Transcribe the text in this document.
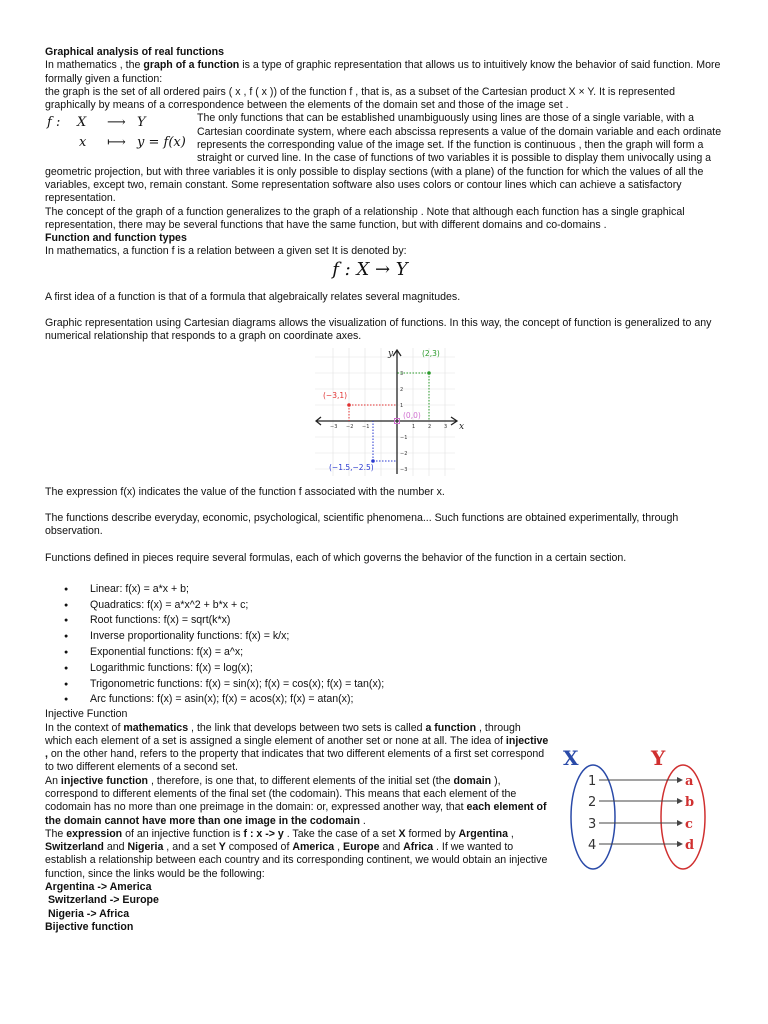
Graphical analysis of real functions

In mathematics , the graph of a function is a type of graphic representation that allows us to intuitively know the behavior of said function. More formally given a function:

the graph is the set of all ordered pairs ( x , f ( x )) of the function f , that is, as a subset of the Cartesian product X × Y. It is represented graphically by means of a correspondence between the elements of the domain set and those of the image set .

f : X ⟶ Y
x ⟼ y = f(x)

The only functions that can be established unambiguously using lines are those of a single variable, with a Cartesian coordinate system, where each abscissa represents a value of the domain variable and each ordinate represents the corresponding value of the image set. If the function is continuous , then the graph will form a straight or curved line. In the case of functions of two variables it is possible to display them univocally using a geometric projection, but with three variables it is only possible to display sections (with a plane) of the function for which the values of all the variables, except two, remain constant. Some representation software also uses colors or contour lines which can achieve a satisfactory representation.

The concept of the graph of a function generalizes to the graph of a relationship . Note that although each function has a single graphical representation, there may be several functions that have the same function, but with different domains and co-domains .

Function and function types

In mathematics, a function f is a relation between a given set It is denoted by:

f : X → Y

A first idea of a function is that of a formula that algebraically relates several magnitudes.

Graphic representation using Cartesian diagrams allows the visualization of functions. In this way, the concept of function is generalized to any numerical relationship that responds to a graph on coordinate axes.

−3 −2 −1	1	2	3
1
2
3
−1
−2
−3
y
x
(0,0)
(2,3)
(−3,1)
(−1.5,−2.5)

The expression f(x) indicates the value of the function f associated with the number x.

The functions describe everyday, economic, psychological, scientific phenomena... Such functions are obtained experimentally, through observation.

Functions defined in pieces require several formulas, each of which governs the behavior of the function in a certain section.

● Linear: f(x) = a*x + b;
● Quadratics: f(x) = a*x^2 + b*x + c;
● Root functions: f(x) = sqrt(k*x)
● Inverse proportionality functions: f(x) = k/x;
● Exponential functions: f(x) = a^x;
● Logarithmic functions: f(x) = log(x);
● Trigonometric functions: f(x) = sin(x); f(x) = cos(x); f(x) = tan(x);
● Arc functions: f(x) = asin(x); f(x) = acos(x); f(x) = atan(x);

Injective Function

In the context of mathematics , the link that develops between two sets is called a function , through which each element of a set is assigned a single element of another set or none at all. The idea of injective , on the other hand, refers to the property that indicates that two different elements of a first set correspond to two different elements of a second set.

An injective function , therefore, is one that, to different elements of the initial set (the domain ), correspond to different elements of the final set (the codomain). This means that each element of the codomain has no more than one preimage in the domain: or, expressed another way, that each element of the domain cannot have more than one image in the codomain .

The expression of an injective function is f : x -> y . Take the case of a set X formed by Argentina , Switzerland and Nigeria , and a set Y composed of America , Europe and Africa . If we wanted to establish a relationship between each country and its corresponding continent, we would obtain an injective function, since the links would be the following:

Argentina -> America

Switzerland -> Europe

Nigeria -> Africa

Bijective function

X	Y
1
2
3
4
a
b
c
d
